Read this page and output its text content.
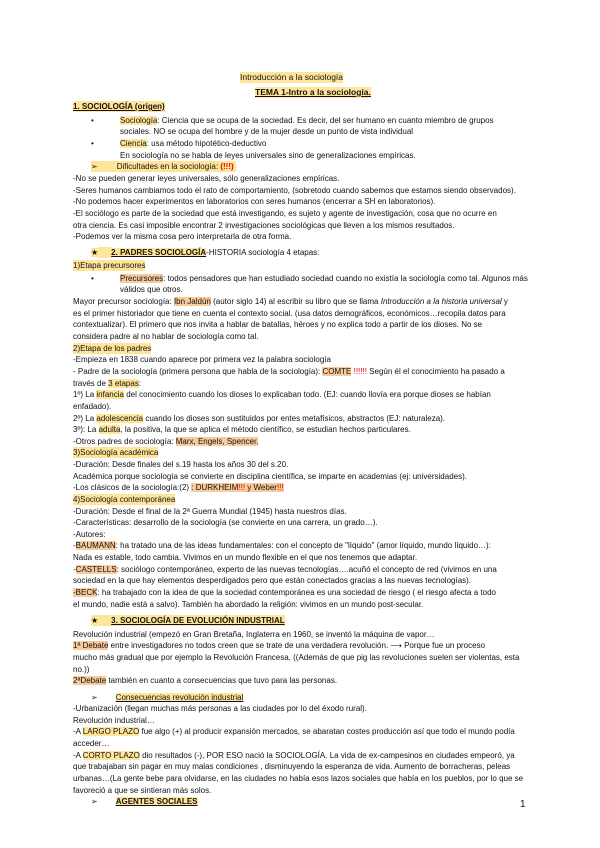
Introducción a la sociología
TEMA 1-Intro a la sociología.
1. SOCIOLOGÍA (origen)
•	Sociología: Ciencia que se ocupa de la sociedad. Es decir, del ser humano en cuanto miembro de grupos
sociales. NO se ocupa del hombre y de la mujer desde un punto de vista individual
•	Ciencia: usa método hipotético-deductivo
En sociología no se habla de leyes universales sino de generalizaciones empíricas.
➢ Dificultades en la sociología: (!!!)
-No se pueden generar leyes universales, sólo generalizaciones empíricas.
-Seres humanos cambiamos todo el rato de comportamiento, (sobretodo cuando sabemos que estamos siendo observados).
-No podemos hacer experimentos en laboratorios con seres humanos (encerrar a SH en laboratorios).
-El sociólogo es parte de la sociedad que está investigando, es sujeto y agente de investigación, cosa que no ocurre en
otra ciencia. Es casi imposible encontrar 2 investigaciones sociológicas que lleven a los mismos resultados.
-Podemos ver la misma cosa pero interpretarla de otra forma.
★ 2. PADRES SOCIOLOGÍA-HISTORIA sociología 4 etapas:
1)Etapa precursores
•	Precursores: todos pensadores que han estudiado sociedad cuando no existía la sociología como tal. Algunos más
válidos que otros.
Mayor precursor sociología: Ibn Jaldún (autor siglo 14) al escribir su libro que se llama Introducción a la historia universal y
es el primer historiador que tiene en cuenta el contexto social. (usa datos demográficos, económicos…recopila datos para
contextualizar). El primero que nos invita a hablar de batallas, héroes y no explica todo a partir de los dioses. No se
considera padre al no hablar de sociología como tal.
2)Etapa de los padres
-Empieza en 1838 cuando aparece por primera vez la palabra sociología
- Padre de la sociología (primera persona que habla de la sociología): COMTE !!!!!! Según él el conocimiento ha pasado a
través de 3 etapas:
1º) La infancia del conocimiento cuando los dioses lo explicaban todo. (EJ: cuando llovía era porque dioses se habían
enfadado).
2º) La adolescencia cuando los dioses son sustituidos por entes metafísicos, abstractos (EJ: naturaleza).
3º): La adulta, la positiva, la que se aplica el método científico, se estudian hechos particulares.
-Otros padres de sociología: Marx, Engels, Spencer.
3)Sociología académica
-Duración: Desde finales del s.19 hasta los años 30 del s.20.
Académica porque sociología se convierte en disciplina científica, se imparte en academias (ej: universidades).
-Los clásicos de la sociología:(2) : DURKHEIM!!! y Weber!!!
4)Sociología contemporánea
-Duración: Desde el final de la 2ª Guerra Mundial (1945) hasta nuestros días.
-Características: desarrollo de la sociología (se convierte en una carrera, un grado…).
-Autores:
-BAUMANN: ha tratado una de las ideas fundamentales: con el concepto de "líquido" (amor líquido, mundo líquido…):
Nada es estable, todo cambia. Vivimos en un mundo flexible en el que nos tenemos que adaptar.
-CASTELLS: sociólogo contemporáneo, experto de las nuevas tecnologías….acuñó el concepto de red (vivimos en una
sociedad en la que hay elementos desperdigados pero que están conectados gracias a las nuevas tecnologías).
-BECK: ha trabajado con la idea de que la sociedad contemporánea es una sociedad de riesgo ( el riesgo afecta a todo
el mundo, nadie está a salvo). También ha abordado la religión: vivimos en un mundo post-secular.
★ 3. SOCIOLOGÍA DE EVOLUCIÓN INDUSTRIAL
Revolución industrial (empezó en Gran Bretaña, Inglaterra en 1960, se inventó la máquina de vapor…
1ª Debate entre investigadores no todos creen que se trate de una verdadera revolución. ⟶ Porque fue un proceso
mucho más gradual que por ejemplo la Revolución Francesa. ((Además de que pig las revoluciones suelen ser violentas, esta
no.))
2ªDebate también en cuanto a consecuencias que tuvo para las personas.
➢ Consecuencias revolución industrial
-Urbanización (llegan muchas más personas a las ciudades por lo del éxodo rural).
Revolución industrial…
-A LARGO PLAZO fue algo (+) al producir expansión mercados, se abaratan costes producción así que todo el mundo podía
acceder…
-A CORTO PLAZO dio resultados (-), POR ESO nació la SOCIOLOGÍA. La vida de ex-campesinos en ciudades empeoró, ya
que trabajaban sin pagar en muy malas condiciones , disminuyendo la esperanza de vida. Aumento de borracheras, peleas
urbanas…(La gente bebe para olvidarse, en las ciudades no había esos lazos sociales que había en los pueblos, por lo que se
favoreció a que se sintieran más solos.
➢ AGENTES SOCIALES	1
